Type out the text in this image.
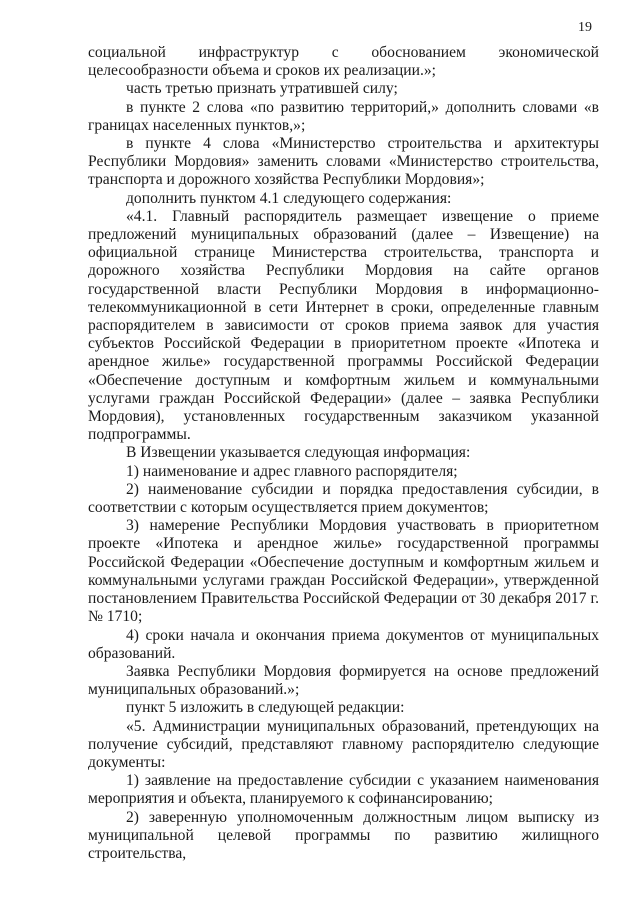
19

социальной инфраструктур с обоснованием экономической целесообразности объема и сроков их реализации.»;

часть третью признать утратившей силу;

в пункте 2 слова «по развитию территорий,» дополнить словами «в границах населенных пунктов,»;

в пункте 4 слова «Министерство строительства и архитектуры Республики Мордовия» заменить словами «Министерство строительства, транспорта и дорожного хозяйства Республики Мордовия»;

дополнить пунктом 4.1 следующего содержания:

«4.1. Главный распорядитель размещает извещение о приеме предложений муниципальных образований (далее – Извещение) на официальной странице Министерства строительства, транспорта и дорожного хозяйства Республики Мордовия на сайте органов государственной власти Республики Мордовия в информационно-телекоммуникационной в сети Интернет в сроки, определенные главным распорядителем в зависимости от сроков приема заявок для участия субъектов Российской Федерации в приоритетном проекте «Ипотека и арендное жилье» государственной программы Российской Федерации «Обеспечение доступным и комфортным жильем и коммунальными услугами граждан Российской Федерации» (далее – заявка Республики Мордовия), установленных государственным заказчиком указанной подпрограммы.

В Извещении указывается следующая информация:

1) наименование и адрес главного распорядителя;

2) наименование субсидии и порядка предоставления субсидии, в соответствии с которым осуществляется прием документов;

3) намерение Республики Мордовия участвовать в приоритетном проекте «Ипотека и арендное жилье» государственной программы Российской Федерации «Обеспечение доступным и комфортным жильем и коммунальными услугами граждан Российской Федерации», утвержденной постановлением Правительства Российской Федерации от 30 декабря 2017 г. № 1710;

4) сроки начала и окончания приема документов от муниципальных образований.

Заявка Республики Мордовия формируется на основе предложений муниципальных образований.»;

пункт 5 изложить в следующей редакции:

«5. Администрации муниципальных образований, претендующих на получение субсидий, представляют главному распорядителю следующие документы:

1) заявление на предоставление субсидии с указанием наименования мероприятия и объекта, планируемого к софинансированию;

2) заверенную уполномоченным должностным лицом выписку из муниципальной целевой программы по развитию жилищного строительства,
